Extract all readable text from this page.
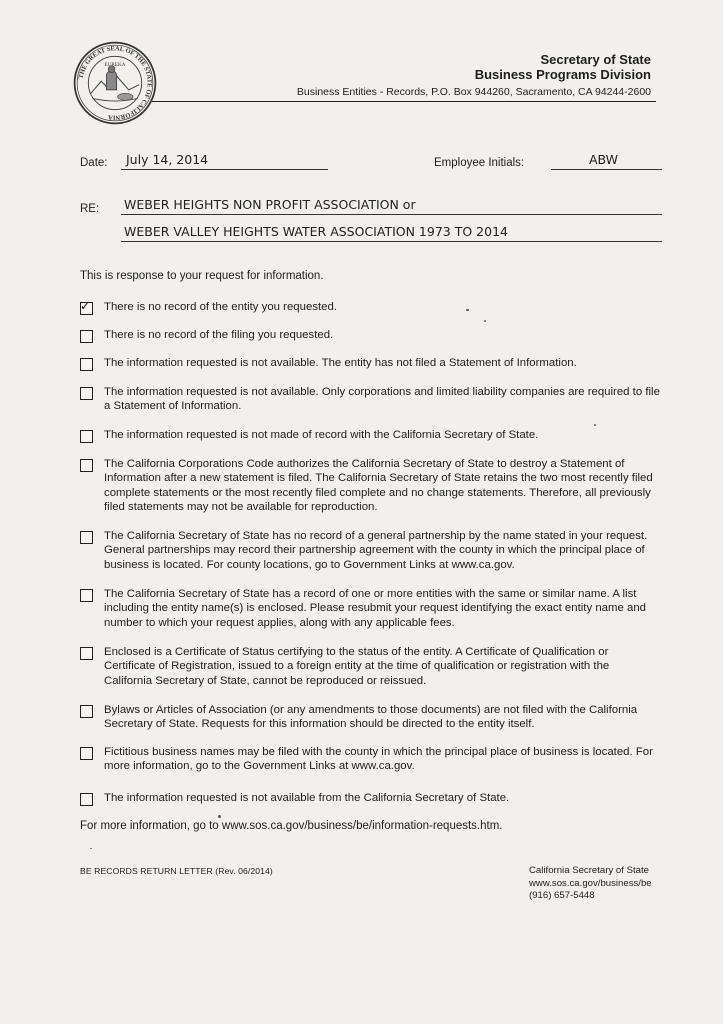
THE GREAT SEAL OF THE STATE OF CALIFORNIA
EUREKA	Secretary of State
Business Programs Division
Business Entities - Records, P.O. Box 944260, Sacramento, CA 94244-2600
Date: July 14, 2014	Employee Initials:	ABW
RE: WEBER HEIGHTS NON PROFIT ASSOCIATION or
WEBER VALLEY HEIGHTS WATER ASSOCIATION 1973 TO 2014
This is response to your request for information.
✓ There is no record of the entity you requested.
There is no record of the filing you requested.
The information requested is not available. The entity has not filed a Statement of Information.
The information requested is not available. Only corporations and limited liability companies are required to file a Statement of Information.
The information requested is not made of record with the California Secretary of State.
The California Corporations Code authorizes the California Secretary of State to destroy a Statement of Information after a new statement is filed. The California Secretary of State retains the two most recently filed complete statements or the most recently filed complete and no change statements. Therefore, all previously filed statements may not be available for reproduction.
The California Secretary of State has no record of a general partnership by the name stated in your request. General partnerships may record their partnership agreement with the county in which the principal place of business is located. For county locations, go to Government Links at www.ca.gov.
The California Secretary of State has a record of one or more entities with the same or similar name. A list including the entity name(s) is enclosed. Please resubmit your request identifying the exact entity name and number to which your request applies, along with any applicable fees.
Enclosed is a Certificate of Status certifying to the status of the entity. A Certificate of Qualification or Certificate of Registration, issued to a foreign entity at the time of qualification or registration with the California Secretary of State, cannot be reproduced or reissued.
Bylaws or Articles of Association (or any amendments to those documents) are not filed with the California Secretary of State. Requests for this information should be directed to the entity itself.
Fictitious business names may be filed with the county in which the principal place of business is located. For more information, go to the Government Links at www.ca.gov.
The information requested is not available from the California Secretary of State.
For more information, go to www.sos.ca.gov/business/be/information-requests.htm.
BE RECORDS RETURN LETTER (Rev. 06/2014)	California Secretary of State
www.sos.ca.gov/business/be
(916) 657-5448
